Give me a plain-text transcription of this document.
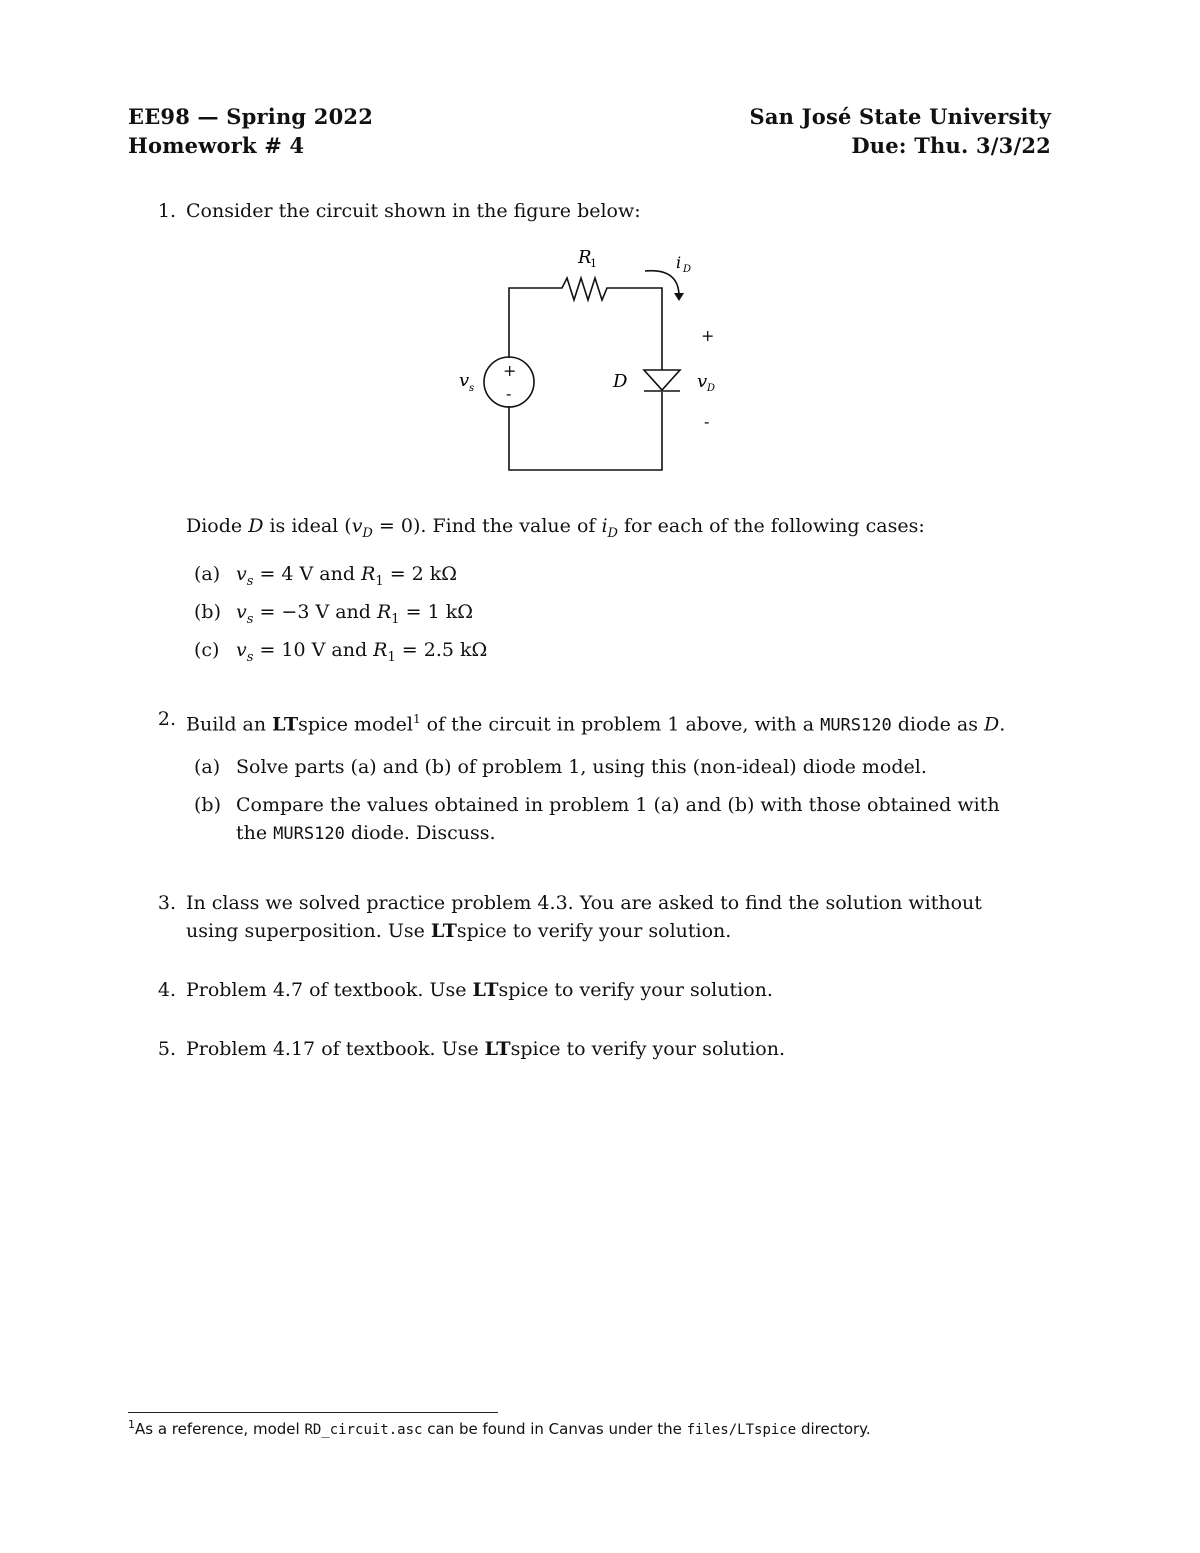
EE98 — Spring 2022
Homework # 4
San José State University
Due: Thu. 3/3/22
1. Consider the circuit shown in the figure below:
R
1	i D
+
-
v s	D
+
v D
-
Diode D is ideal $(v_D = 0)$. Find the value of $i_D$ for each of the following cases:
(a) $v_s = 4$ V and $R_1 = 2$ kΩ
(b) $v_s = -3$ V and $R_1 = 1$ kΩ
(c) $v_s = 10$ V and $R_1 = 2.5$ kΩ
2. Build an LTspice model$^1$ of the circuit in problem 1 above, with a MURS120 diode as D.
(a) Solve parts (a) and (b) of problem 1, using this (non-ideal) diode model.
(b) Compare the values obtained in problem 1 (a) and (b) with those obtained with
the MURS120 diode. Discuss.
3. In class we solved practice problem 4.3. You are asked to find the solution without
using superposition. Use LTspice to verify your solution.
4. Problem 4.7 of textbook. Use LTspice to verify your solution.
5. Problem 4.17 of textbook. Use LTspice to verify your solution.
$^1$As a reference, model RD_circuit.asc can be found in Canvas under the files/LTspice directory.
